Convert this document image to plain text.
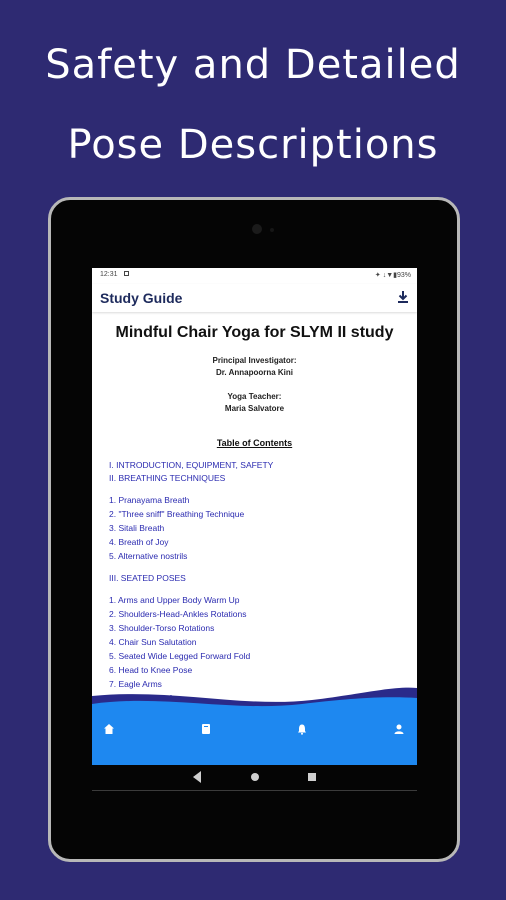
Safety and Detailed
Pose Descriptions
12:31	✦ ↓▼▮93%
Study Guide
Mindful Chair Yoga for SLYM II study
Principal Investigator:
Dr. Annapoorna Kini
Yoga Teacher:
Maria Salvatore
Table of Contents
I. INTRODUCTION, EQUIPMENT, SAFETY
II. BREATHING TECHNIQUES
1. Pranayama Breath
2. "Three sniff" Breathing Technique
3. Sitali Breath
4. Breath of Joy
5. Alternative nostrils
III. SEATED POSES
1. Arms and Upper Body Warm Up
2. Shoulders-Head-Ankles Rotations
3. Shoulder-Torso Rotations
4. Chair Sun Salutation
5. Seated Wide Legged Forward Fold
6. Head to Knee Pose
7. Eagle Arms
